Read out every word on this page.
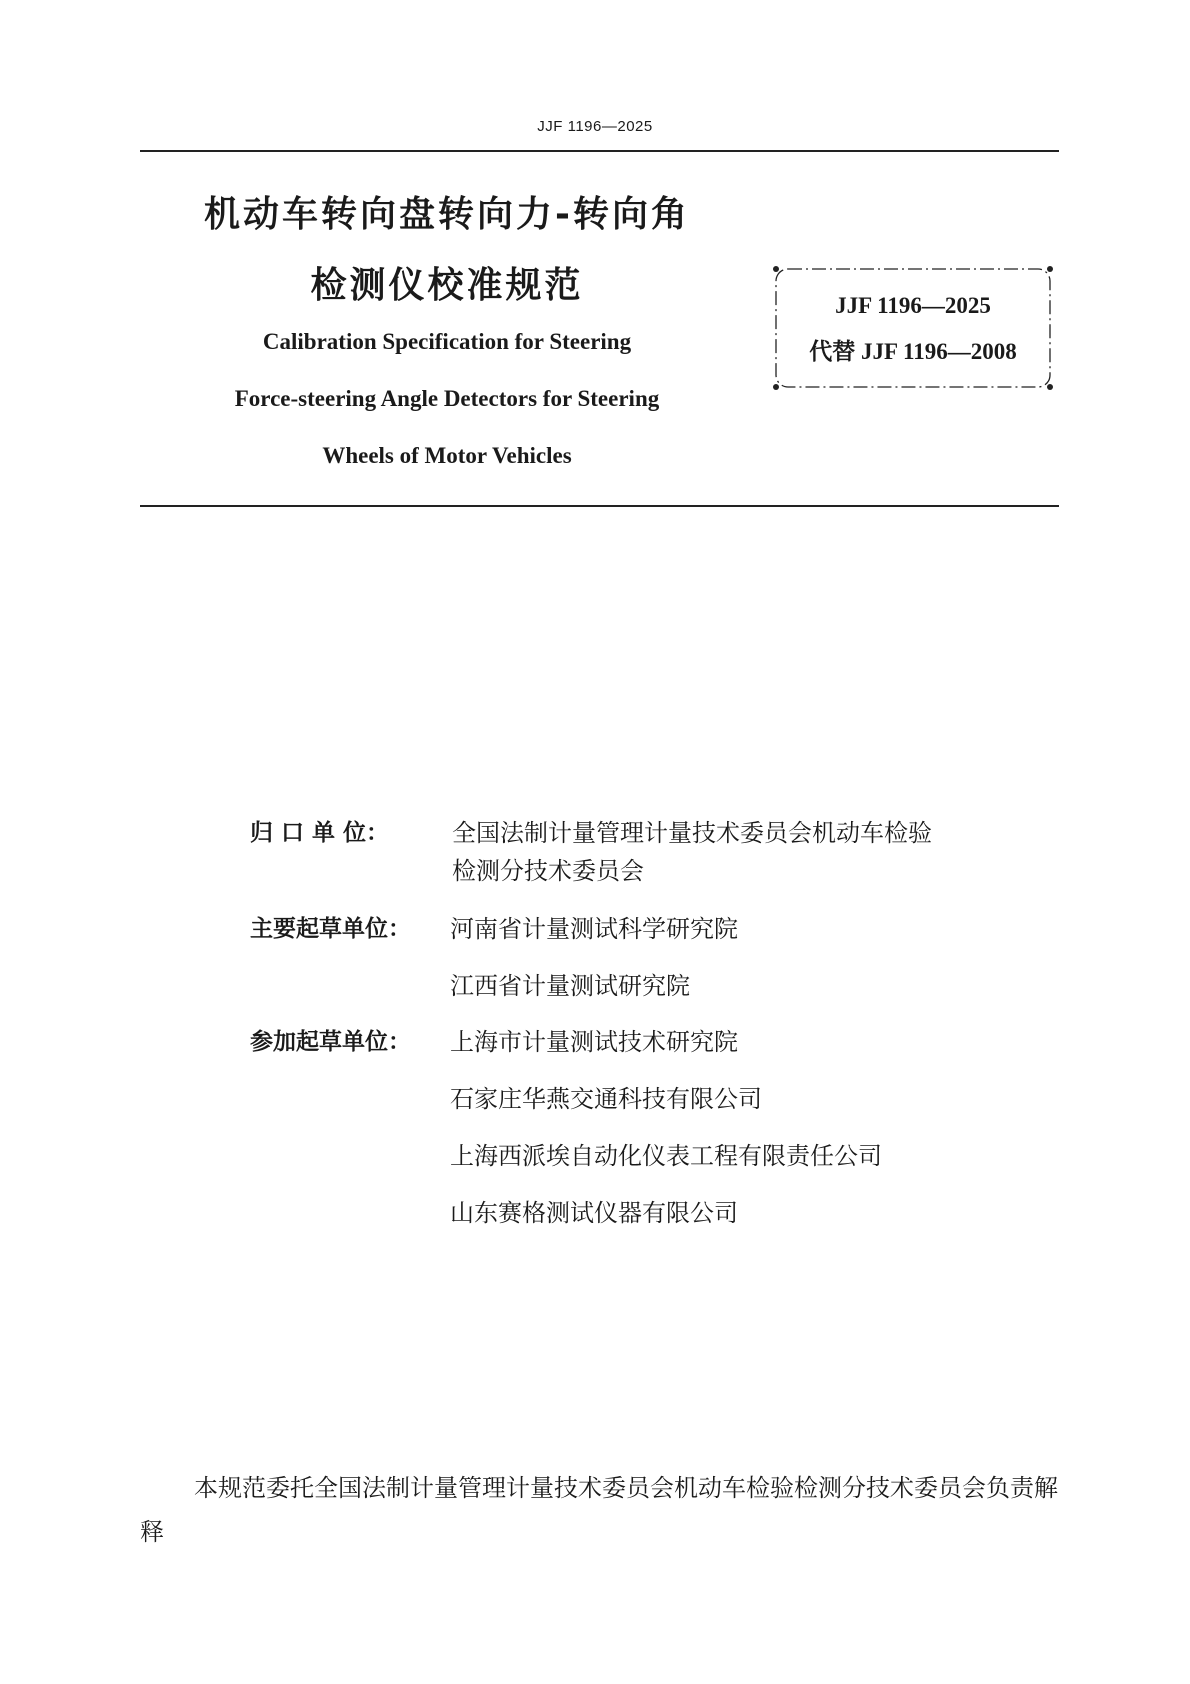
JJF 1196—2025
机动车转向盘转向力-转向角
检测仪校准规范
Calibration Specification for Steering
Force-steering Angle Detectors for Steering
Wheels of Motor Vehicles
JJF 1196—2025
代替 JJF 1196—2008
归 口 单 位：	全国法制计量管理计量技术委员会机动车检验
检测分技术委员会
主要起草单位：	河南省计量测试科学研究院
江西省计量测试研究院
参加起草单位：	上海市计量测试技术研究院
石家庄华燕交通科技有限公司
上海西派埃自动化仪表工程有限责任公司
山东赛格测试仪器有限公司
本规范委托全国法制计量管理计量技术委员会机动车检验检测分技术委员会负责解释
